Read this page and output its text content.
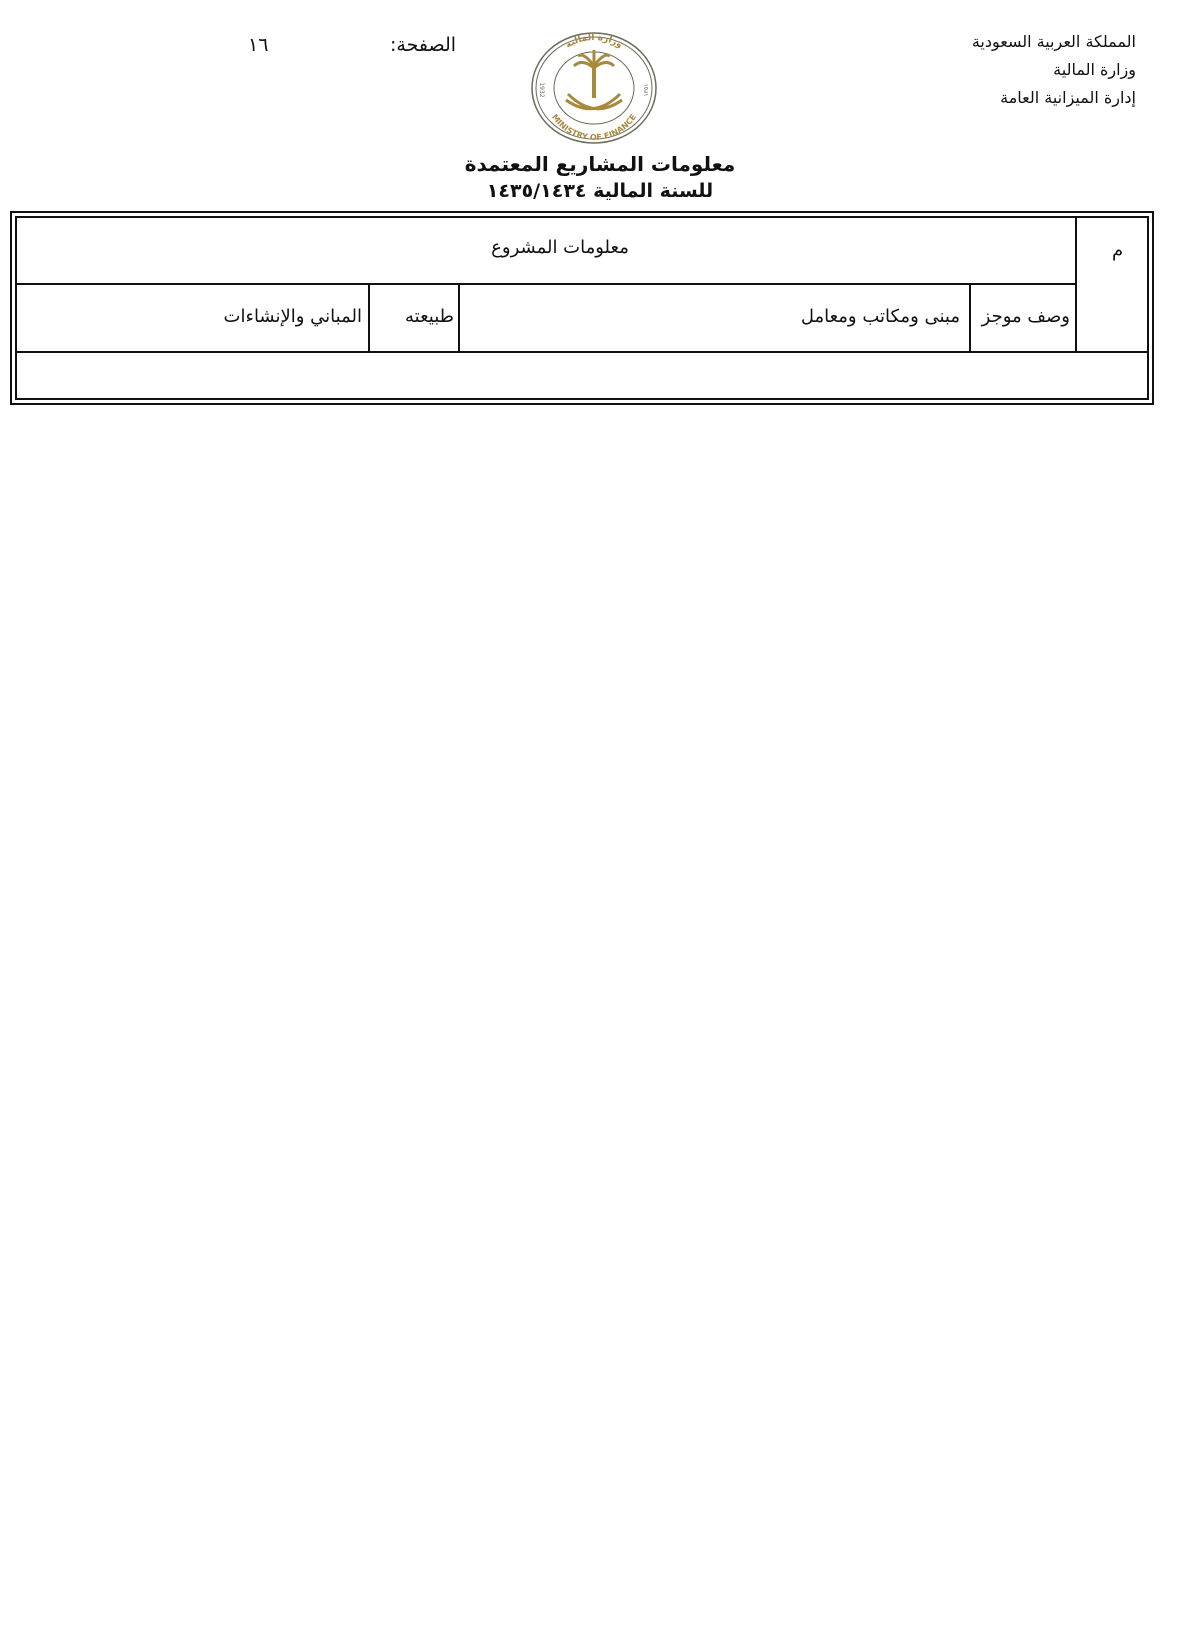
المملكة العربية السعودية
وزارة المالية
إدارة الميزانية العامة
الصفحة:
١٦	وزارة المالية
MINISTRY OF FINANCE
1932	١٣٥١
معلومات المشاريع المعتمدة
للسنة المالية ١٤٣٥/١٤٣٤
م
معلومات المشروع
وصف موجز
مبنى ومكاتب ومعامل
طبيعته
المباني والإنشاءات
